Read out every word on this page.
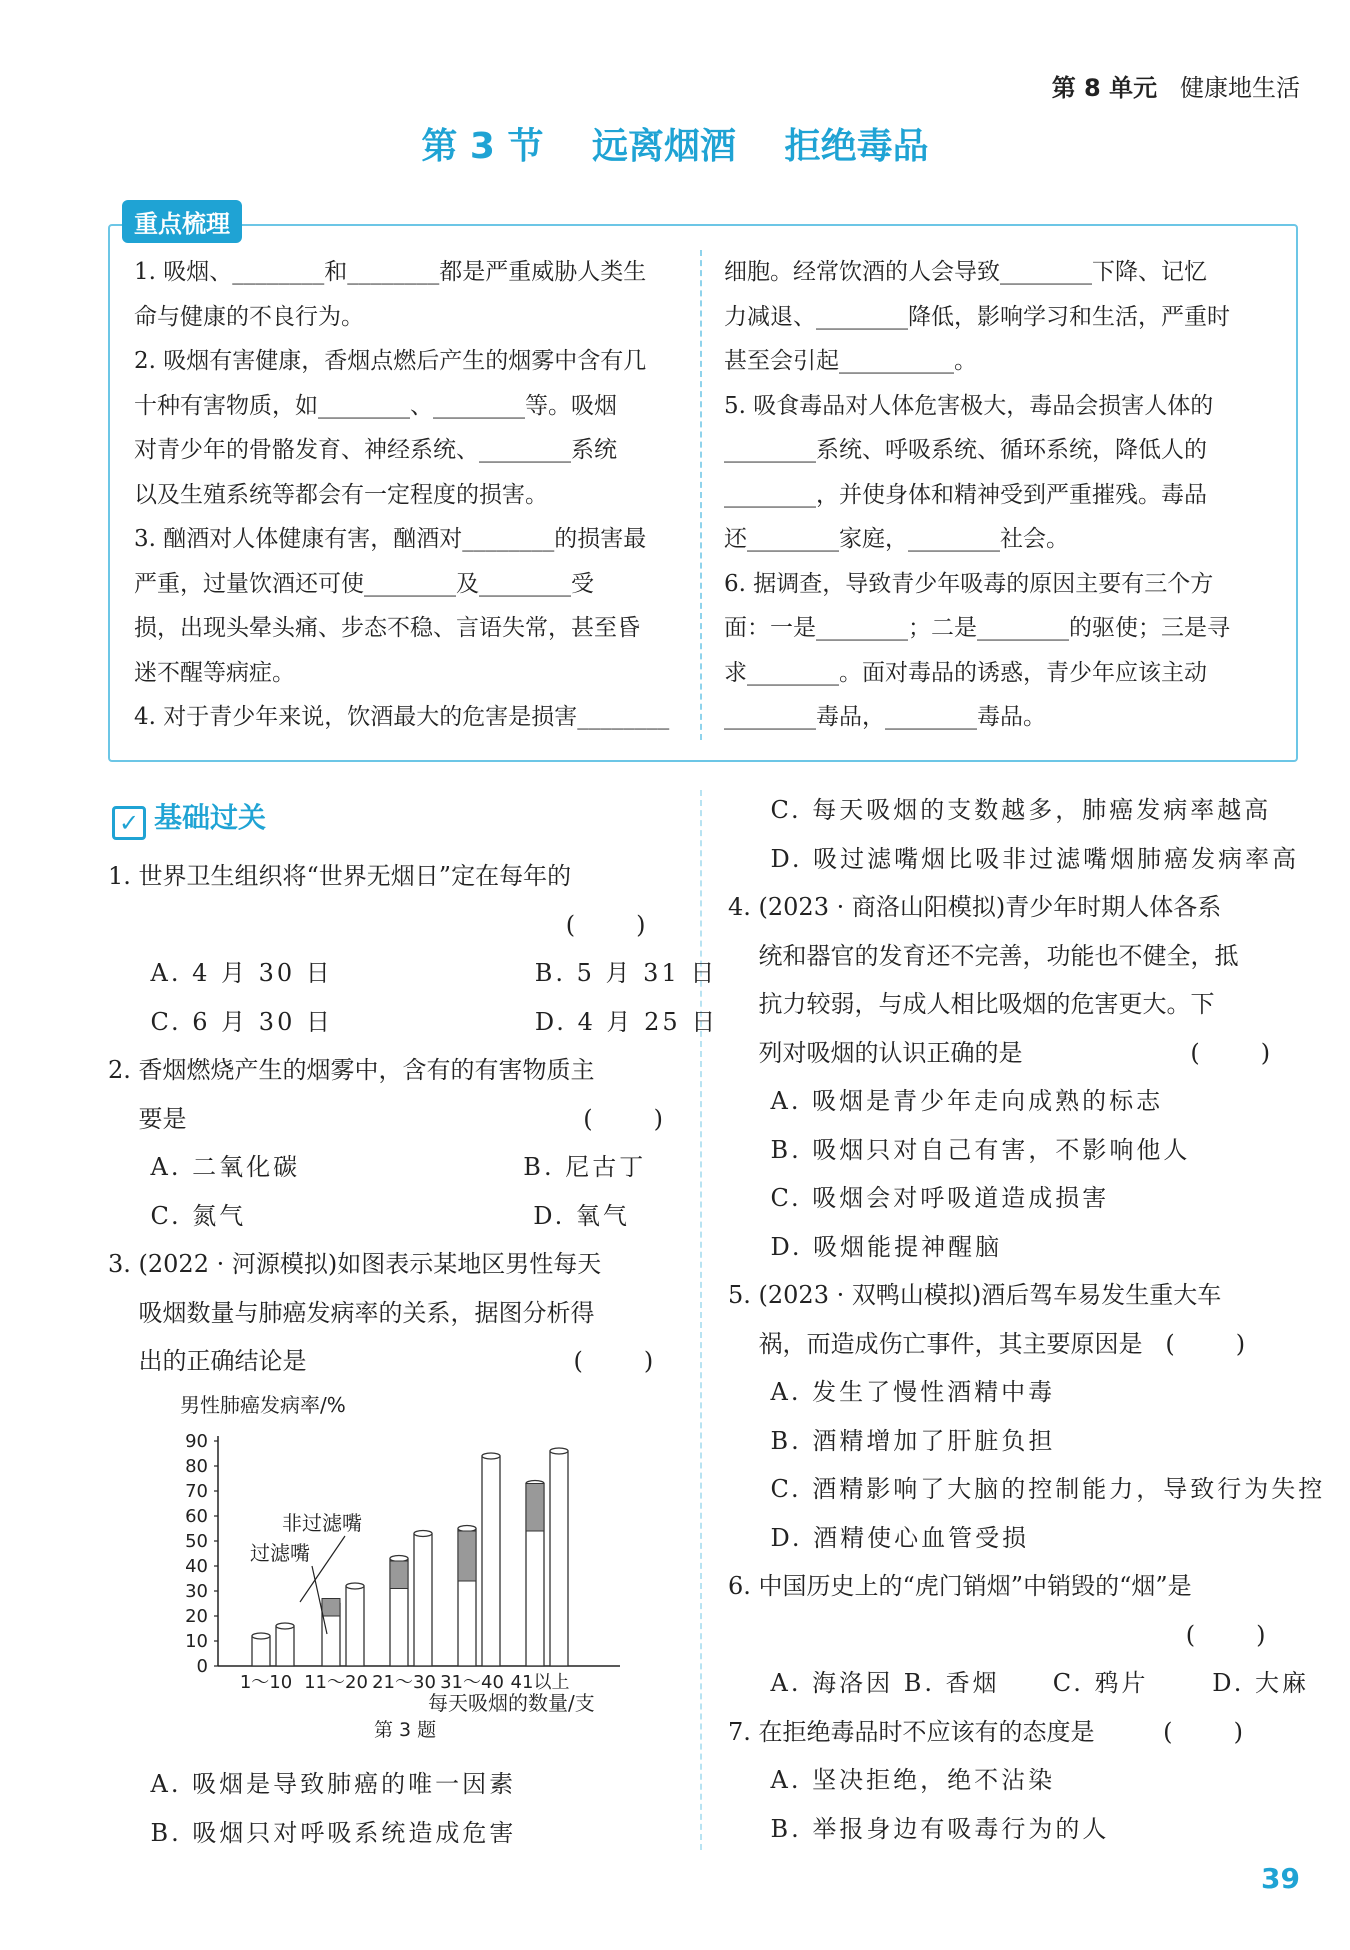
第 8 单元 健康地生活
第 3 节 远离烟酒 拒绝毒品
重点梳理

1. 吸烟、________和________都是严重威胁人类生

命与健康的不良行为。

2. 吸烟有害健康，香烟点燃后产生的烟雾中含有几

十种有害物质，如________、________等。吸烟

对青少年的骨骼发育、神经系统、________系统

以及生殖系统等都会有一定程度的损害。

3. 酗酒对人体健康有害，酗酒对________的损害最

严重，过量饮酒还可使________及________受

损，出现头晕头痛、步态不稳、言语失常，甚至昏

迷不醒等病症。

4. 对于青少年来说，饮酒最大的危害是损害________

细胞。经常饮酒的人会导致________下降、记忆

力减退、________降低，影响学习和生活，严重时

甚至会引起__________。

5. 吸食毒品对人体危害极大，毒品会损害人体的

________系统、呼吸系统、循环系统，降低人的

________，并使身体和精神受到严重摧残。毒品

还________家庭，________社会。

6. 据调查，导致青少年吸毒的原因主要有三个方

面：一是________；二是________的驱使；三是寻

求________。面对毒品的诱惑，青少年应该主动

________毒品，________毒品。

✓ 基础过关

1. 世界卫生组织将“世界无烟日”定在每年的

(        )

A. 4 月 30 日                   B. 5 月 31 日

C. 6 月 30 日                   D. 4 月 25 日

2. 香烟燃烧产生的烟雾中，含有的有害物质主

要是                                                    (        )

A. 二氧化碳                     B. 尼古丁

C. 氮气                           D. 氧气

3. (2022 · 河源模拟)如图表示某地区男性每天

吸烟数量与肺癌发病率的关系，据图分析得

出的正确结论是                                   (        )

男性肺癌发病率/%
每天吸烟的数量/支
第 3 题
0
10
20
30
40
50
60
70
80
90
1～10 11～20 21～30 31～40 41以上
非过滤嘴
过滤嘴

A. 吸烟是导致肺癌的唯一因素

B. 吸烟只对呼吸系统造成危害

C. 每天吸烟的支数越多，肺癌发病率越高

D. 吸过滤嘴烟比吸非过滤嘴烟肺癌发病率高

4. (2023 · 商洛山阳模拟)青少年时期人体各系

统和器官的发育还不完善，功能也不健全，抵

抗力较弱，与成人相比吸烟的危害更大。下

列对吸烟的认识正确的是                      (        )

A. 吸烟是青少年走向成熟的标志

B. 吸烟只对自己有害，不影响他人

C. 吸烟会对呼吸道造成损害

D. 吸烟能提神醒脑

5. (2023 · 双鸭山模拟)酒后驾车易发生重大车

祸，而造成伤亡事件，其主要原因是   (        )

A. 发生了慢性酒精中毒

B. 酒精增加了肝脏负担

C. 酒精影响了大脑的控制能力，导致行为失控

D. 酒精使心血管受损

6. 中国历史上的“虎门销烟”中销毁的“烟”是

(        )

A. 海洛因 B. 香烟     C. 鸦片      D. 大麻

7. 在拒绝毒品时不应该有的态度是         (        )

A. 坚决拒绝，绝不沾染

B. 举报身边有吸毒行为的人

39
